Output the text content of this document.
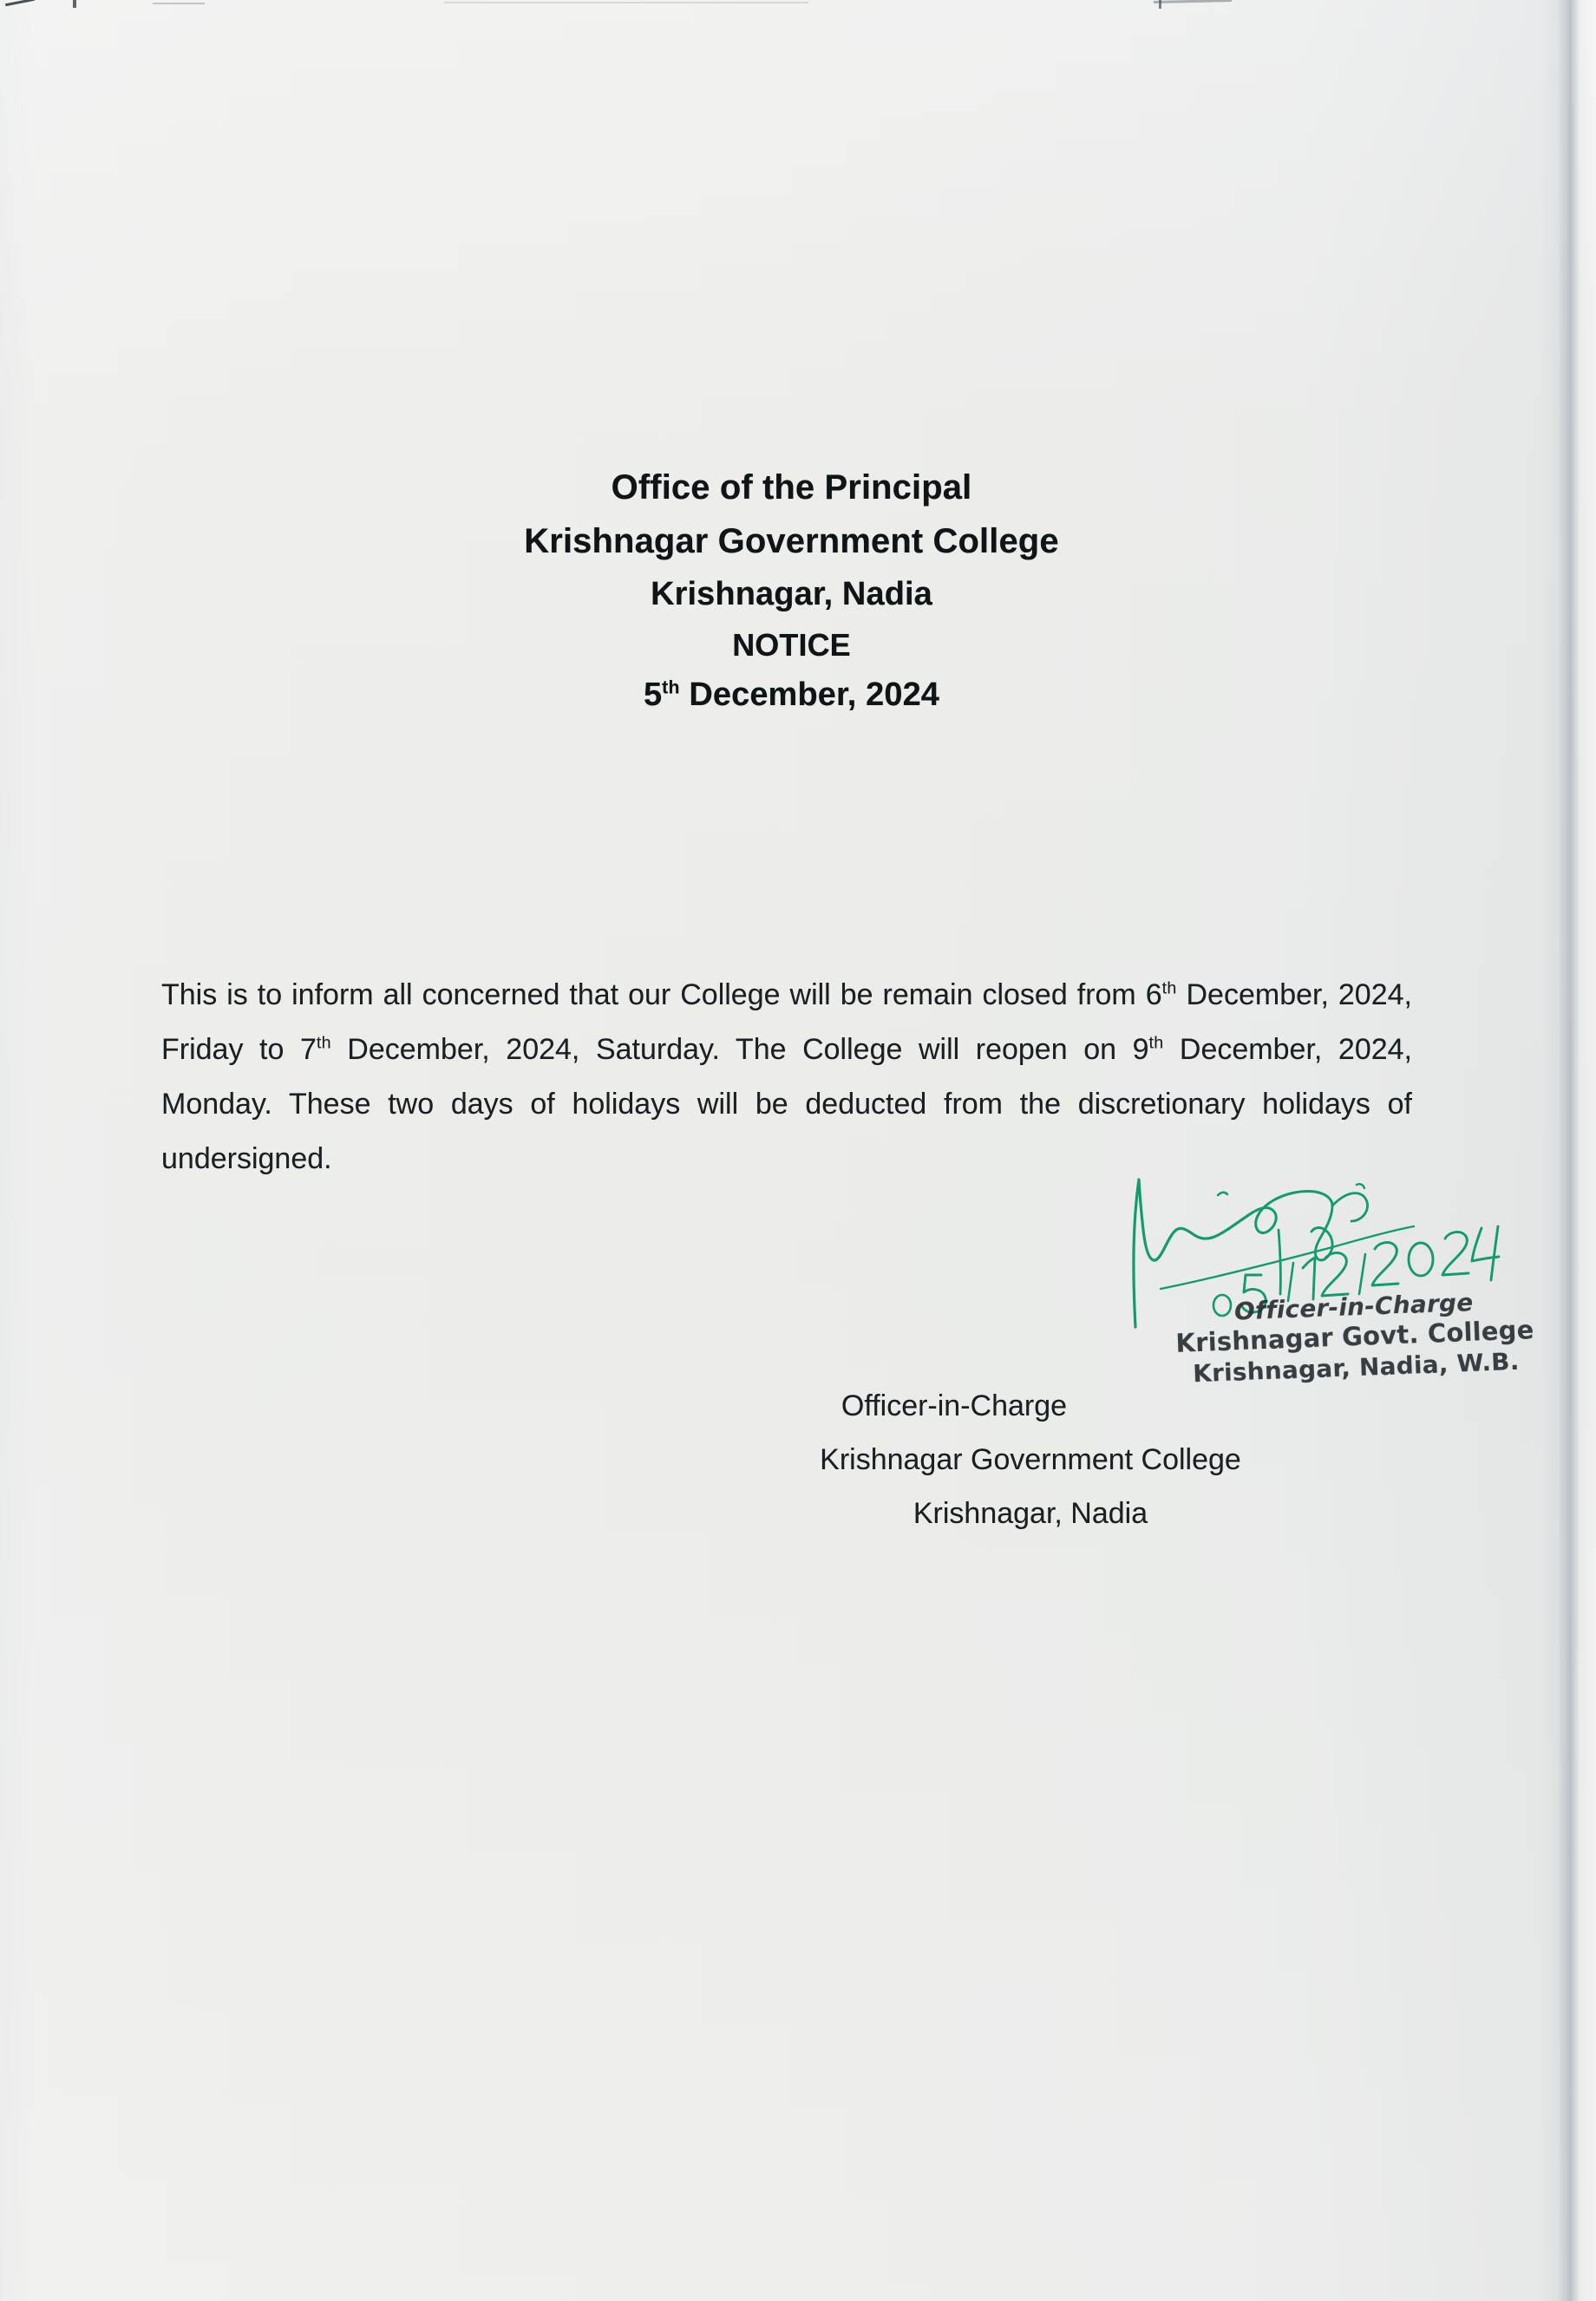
Office of the Principal
Krishnagar Government College
Krishnagar, Nadia
NOTICE
5th December, 2024

This is to inform all concerned that our College will be remain closed from 6th December, 2024, Friday to 7th December, 2024, Saturday. The College will reopen on 9th December, 2024, Monday. These two days of holidays will be deducted from the discretionary holidays of undersigned.

Officer-in-Charge
Krishnagar Govt. College
Krishnagar, Nadia, W.B.
Officer-in-Charge
Krishnagar Government College
Krishnagar, Nadia
